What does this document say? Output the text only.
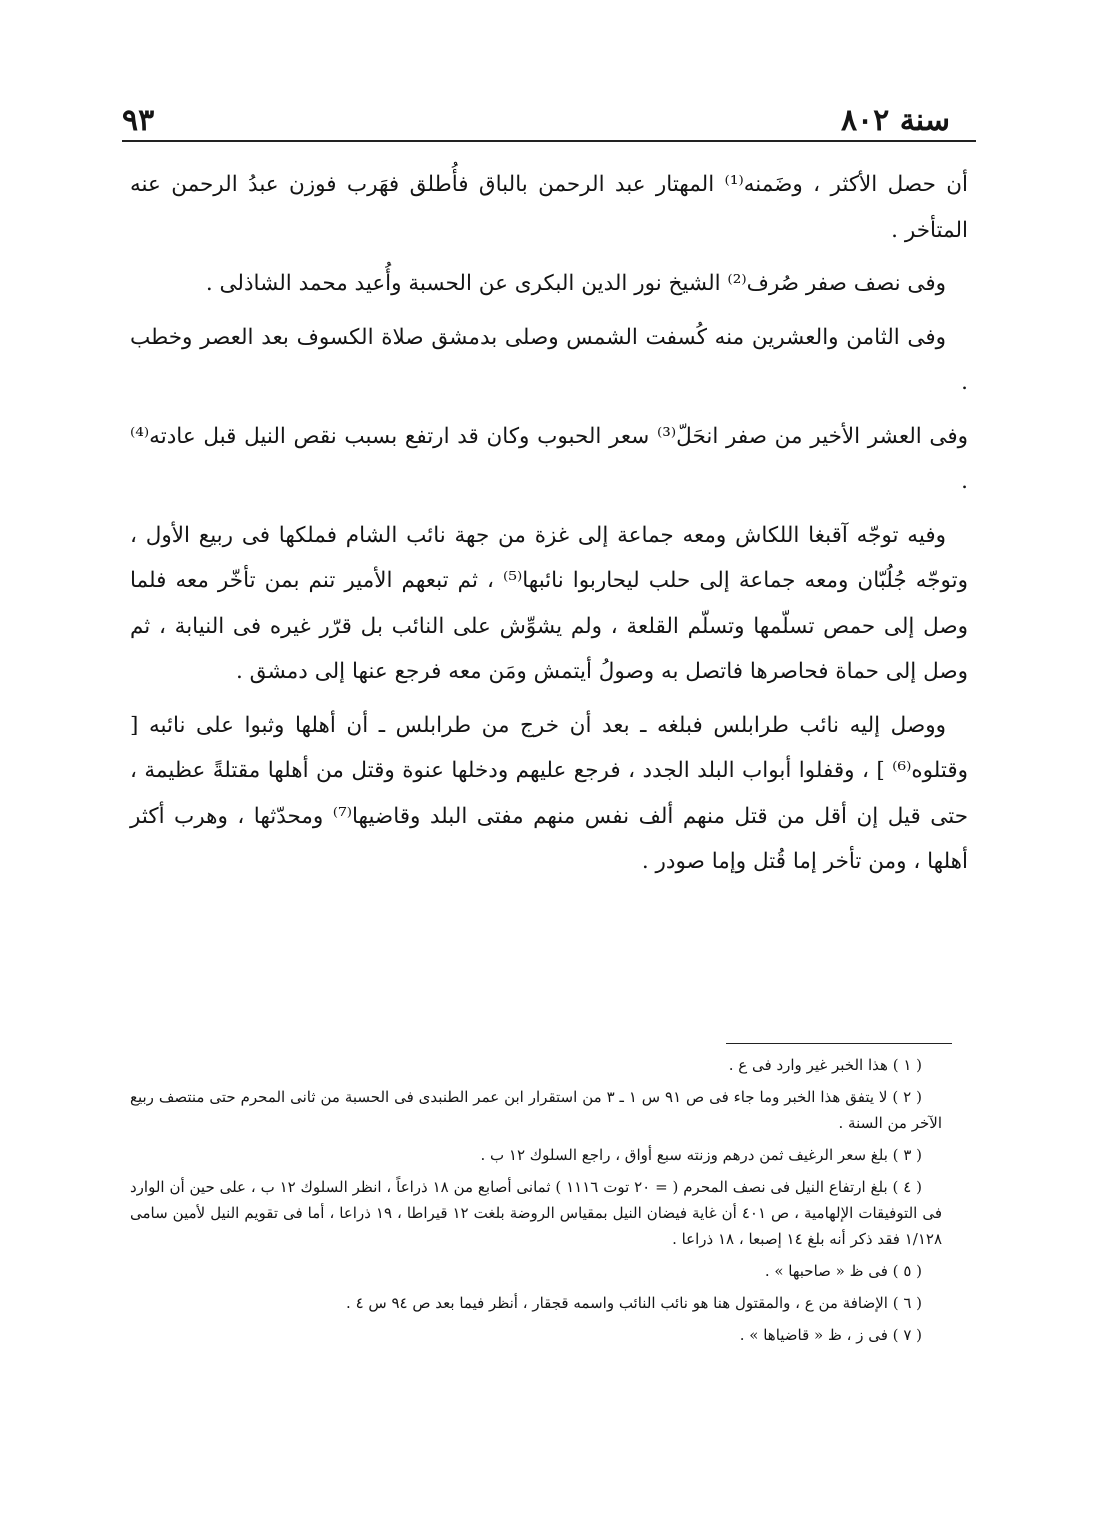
سنة ٨٠٢
٩٣

أن حصل الأكثر ، وضَمنه⁽¹⁾ المهتار عبد الرحمن بالباق فأُطلق فهَرب فوزن عبدُ الرحمن عنه المتأخر .

وفى نصف صفر صُرف⁽²⁾ الشيخ نور الدين البكرى عن الحسبة وأُعيد محمد الشاذلى .

وفى الثامن والعشرين منه كُسفت الشمس وصلى بدمشق صلاة الكسوف بعد العصر وخطب .

وفى العشر الأخير من صفر انحَلّ⁽³⁾ سعر الحبوب وكان قد ارتفع بسبب نقص النيل قبل عادته⁽⁴⁾ .

وفيه توجّه آقبغا اللكاش ومعه جماعة إلى غزة من جهة نائب الشام فملكها فى ربيع الأول ، وتوجّه جُلُبّان ومعه جماعة إلى حلب ليحاربوا نائبها⁽⁵⁾ ، ثم تبعهم الأمير تنم بمن تأخّر معه فلما وصل إلى حمص تسلّمها وتسلّم القلعة ، ولم يشوِّش على النائب بل قرّر غيره فى النيابة ، ثم وصل إلى حماة فحاصرها فاتصل به وصولُ أيتمش ومَن معه فرجع عنها إلى دمشق .

ووصل إليه نائب طرابلس فبلغه ـ بعد أن خرج من طرابلس ـ أن أهلها وثبوا على نائبه [ وقتلوه⁽⁶⁾ ] ، وقفلوا أبواب البلد الجدد ، فرجع عليهم ودخلها عنوة وقتل من أهلها مقتلةً عظيمة ، حتى قيل إن أقل من قتل منهم ألف نفس منهم مفتى البلد وقاضيها⁽⁷⁾ ومحدّثها ، وهرب أكثر أهلها ، ومن تأخر إما قُتل وإما صودر .

( ١ ) هذا الخبر غير وارد فى ع .

( ٢ ) لا يتفق هذا الخبر وما جاء فى ص ٩١ س ١ ـ ٣ من استقرار ابن عمر الطنبدى فى الحسبة من ثانى المحرم حتى منتصف ربيع الآخر من السنة .

( ٣ ) بلغ سعر الرغيف ثمن درهم وزنته سبع أواق ، راجع السلوك ١٢ ب .

( ٤ ) بلغ ارتفاع النيل فى نصف المحرم ( = ٢٠ توت ١١١٦ ) ثمانى أصابع من ١٨ ذراعاً ، انظر السلوك ١٢ ب ، على حين أن الوارد فى التوفيقات الإلهامية ، ص ٤٠١ أن غاية فيضان النيل بمقياس الروضة بلغت ١٢ قيراطا ، ١٩ ذراعا ، أما فى تقويم النيل لأمين سامى ١/١٢٨ فقد ذكر أنه بلغ ١٤ إصبعا ، ١٨ ذراعا .

( ٥ ) فى ظ « صاحبها » .

( ٦ ) الإضافة من ع ، والمقتول هنا هو نائب النائب واسمه قجقار ، أنظر فيما بعد ص ٩٤ س ٤ .

( ٧ ) فى ز ، ظ « قاضياها » .
